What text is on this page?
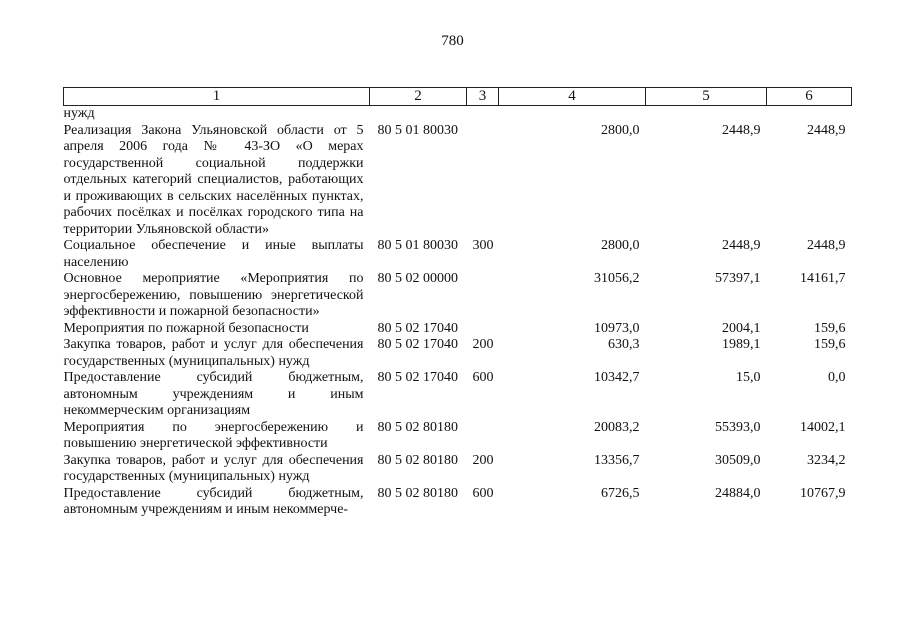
780
1	2	3	4	5	6
нужд					
Реализация Закона Ульяновской области от 5 апреля 2006 года № 43-ЗО «О мерах государственной социальной поддержки отдельных категорий специалистов, работающих и проживающих в сельских населённых пунктах, рабочих посёлках и посёлках городского типа на территории Ульяновской области»	80 5 01 80030		2800,0	2448,9	2448,9
Социальное обеспечение и иные выплаты населению	80 5 01 80030	300	2800,0	2448,9	2448,9
Основное мероприятие «Мероприятия по энергосбережению, повышению энергетической эффективности и пожарной безопасности»	80 5 02 00000		31056,2	57397,1	14161,7
Мероприятия по пожарной безопасности	80 5 02 17040		10973,0	2004,1	159,6
Закупка товаров, работ и услуг для обеспечения государственных (муниципальных) нужд	80 5 02 17040	200	630,3	1989,1	159,6
Предоставление субсидий бюджетным, автономным учреждениям и иным некоммерческим организациям	80 5 02 17040	600	10342,7	15,0	0,0
Мероприятия по энергосбережению и повышению энергетической эффективности	80 5 02 80180		20083,2	55393,0	14002,1
Закупка товаров, работ и услуг для обеспечения государственных (муниципальных) нужд	80 5 02 80180	200	13356,7	30509,0	3234,2
Предоставление субсидий бюджетным, автономным учреждениям и иным некоммерче-	80 5 02 80180	600	6726,5	24884,0	10767,9
